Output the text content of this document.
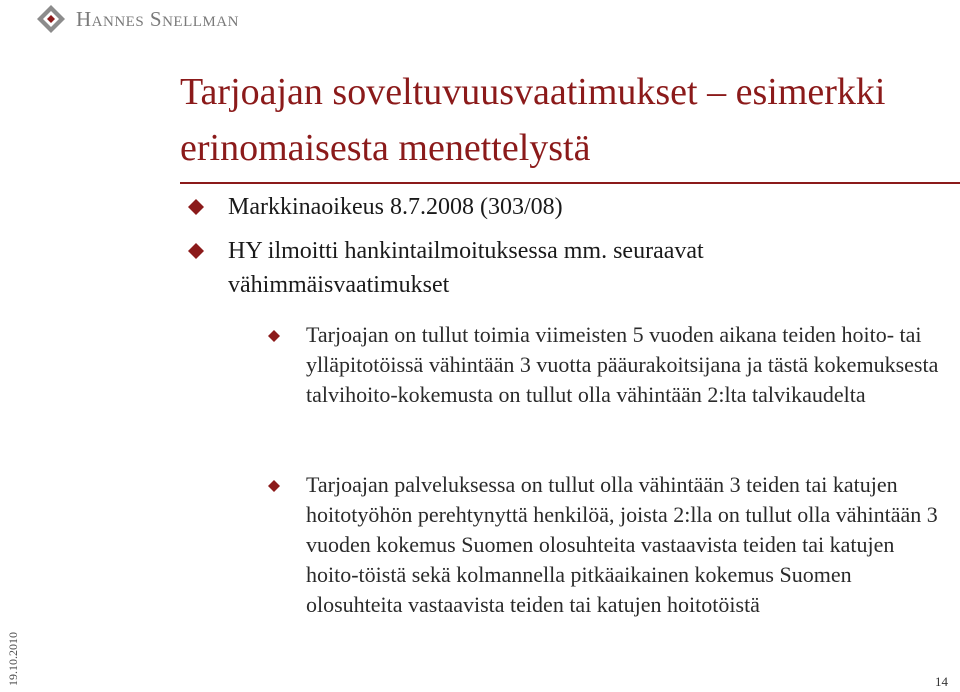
Hannes Snellman
Tarjoajan soveltuvuusvaatimukset – esimerkki erinomaisesta menettelystä
Markkinaoikeus 8.7.2008 (303/08)
HY ilmoitti hankintailmoituksessa mm. seuraavat vähimmäisvaatimukset
Tarjoajan on tullut toimia viimeisten 5 vuoden aikana teiden hoito- tai ylläpitotöissä vähintään 3 vuotta pääurakoitsijana ja tästä kokemuksesta talvihoito-kokemusta on tullut olla vähintään 2:lta talvikaudelta
Tarjoajan palveluksessa on tullut olla vähintään 3 teiden tai katujen hoitotyöhön perehtynyttä henkilöä, joista 2:lla on tullut olla vähintään 3 vuoden kokemus Suomen olosuhteita vastaavista teiden tai katujen hoito-töistä sekä kolmannella pitkäaikainen kokemus Suomen olosuhteita vastaavista teiden tai katujen hoitotöistä
19.10.2010	14
